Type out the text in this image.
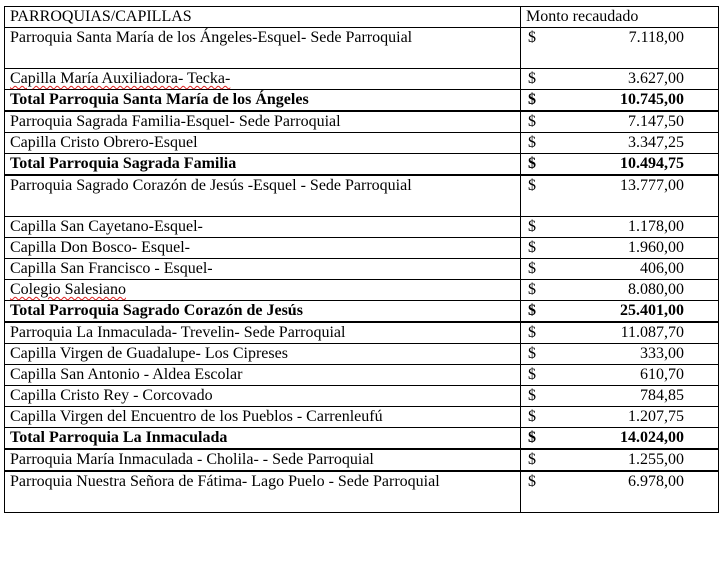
PARROQUIAS/CAPILLAS	Monto recaudado
Parroquia Santa María de los Ángeles-Esquel- Sede Parroquial	$ 7.118,00

Capilla María Auxiliadora- Tecka-	$ 3.627,00

Total Parroquia Santa María de los Ángeles	$ 10.745,00

Parroquia Sagrada Familia-Esquel- Sede Parroquial	$ 7.147,50

Capilla Cristo Obrero-Esquel	$ 3.347,25

Total Parroquia Sagrada Familia	$ 10.494,75

Parroquia Sagrado Corazón de Jesús -Esquel - Sede Parroquial	$ 13.777,00

Capilla San Cayetano-Esquel-	$ 1.178,00

Capilla Don Bosco- Esquel-	$ 1.960,00

Capilla San Francisco - Esquel-	$ 406,00

Colegio Salesiano	$ 8.080,00

Total Parroquia Sagrado Corazón de Jesús	$ 25.401,00

Parroquia La Inmaculada- Trevelin- Sede Parroquial	$ 11.087,70

Capilla Virgen de Guadalupe- Los Cipreses	$ 333,00

Capilla San Antonio - Aldea Escolar	$ 610,70

Capilla Cristo Rey - Corcovado	$ 784,85

Capilla Virgen del Encuentro de los Pueblos - Carrenleufú	$ 1.207,75

Total Parroquia La Inmaculada	$ 14.024,00

Parroquia María Inmaculada - Cholila- - Sede Parroquial	$ 1.255,00

Parroquia Nuestra Señora de Fátima- Lago Puelo - Sede Parroquial	$ 6.978,00
